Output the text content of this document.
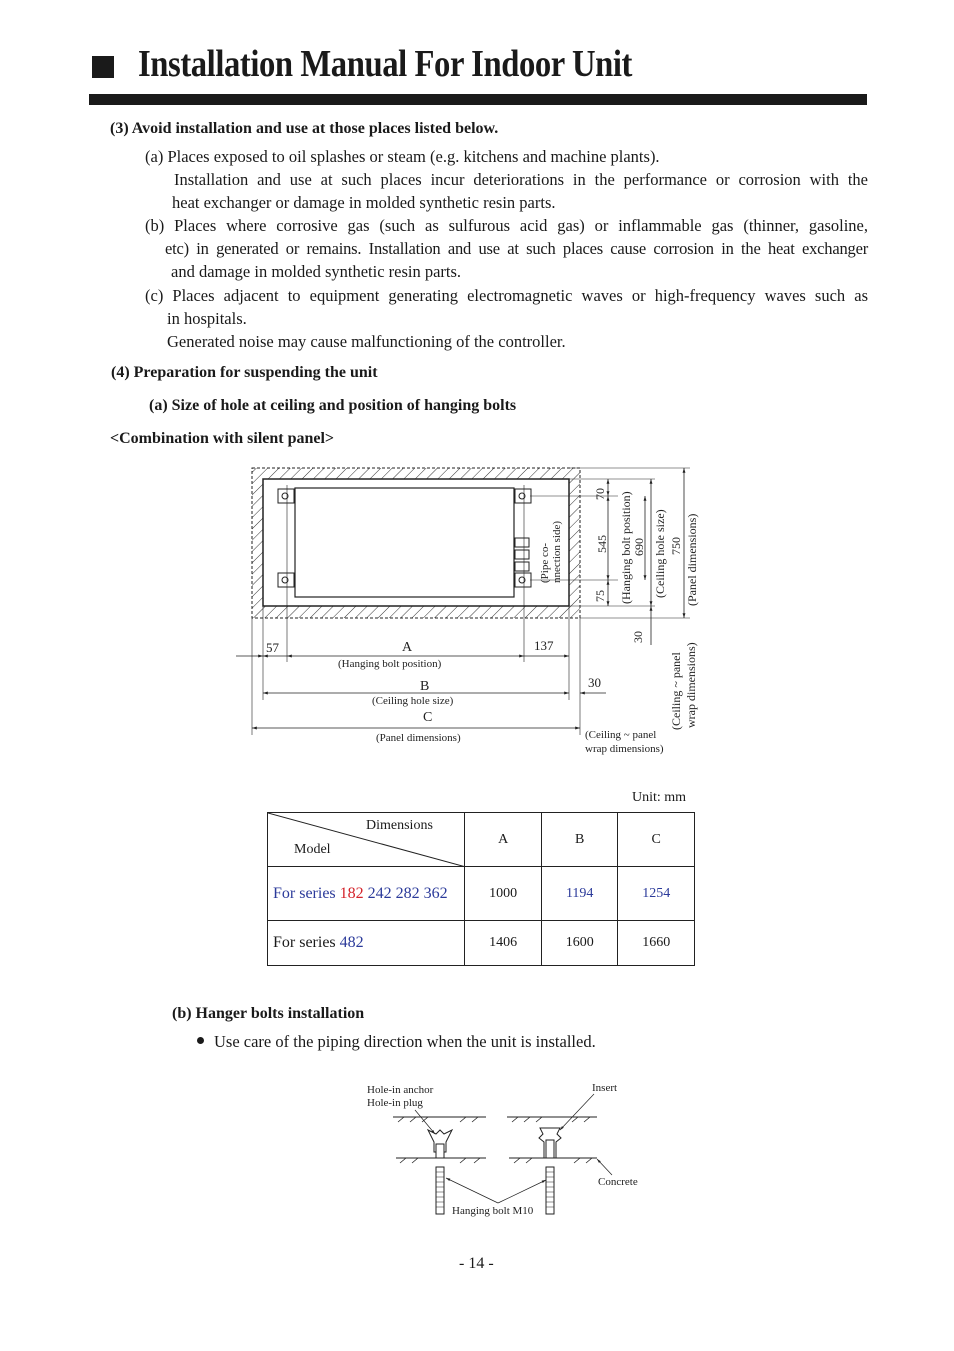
Installation Manual For Indoor Unit
(3) Avoid installation and use at those places listed below.
(a) Places exposed to oil splashes or steam (e.g. kitchens and machine plants).
Installation and use at such places incur deteriorations in the performance or corrosion with the
heat exchanger or damage in molded synthetic resin parts.
(b) Places where corrosive gas (such as sulfurous acid gas) or inflammable gas (thinner, gasoline,
etc) in generated or remains. Installation and use at such places cause corrosion in the heat exchanger
and damage in molded synthetic resin parts.
(c) Places adjacent to equipment generating electromagnetic waves or high-frequency waves such as
in hospitals.
Generated noise may cause malfunctioning of the controller.
(4) Preparation for suspending the unit
(a) Size of hole at ceiling and position of hanging bolts
<Combination with silent panel>
57	A	137
(Hanging bolt position)
B
(Ceiling hole size)
C
(Panel dimensions)
30
(Ceiling ~ panel
wrap dimensions)
(Pipe co- nnection side)
70
545
75 (Hanging bolt position) 690 (Ceiling hole size) 750 (Panel dimensions)
30
(Ceiling ~ panel wrap dimensions)
Hole-in anchor
Hole-in plug
Insert
Concrete
Hanging bolt M10
Unit: mm
Dimensions
Model	A	B	C
For series 182 242 282 362	1000	1194	1254
For series 482	1406	1600	1660
(b) Hanger bolts installation
Use care of the piping direction when the unit is installed.
- 14 -
